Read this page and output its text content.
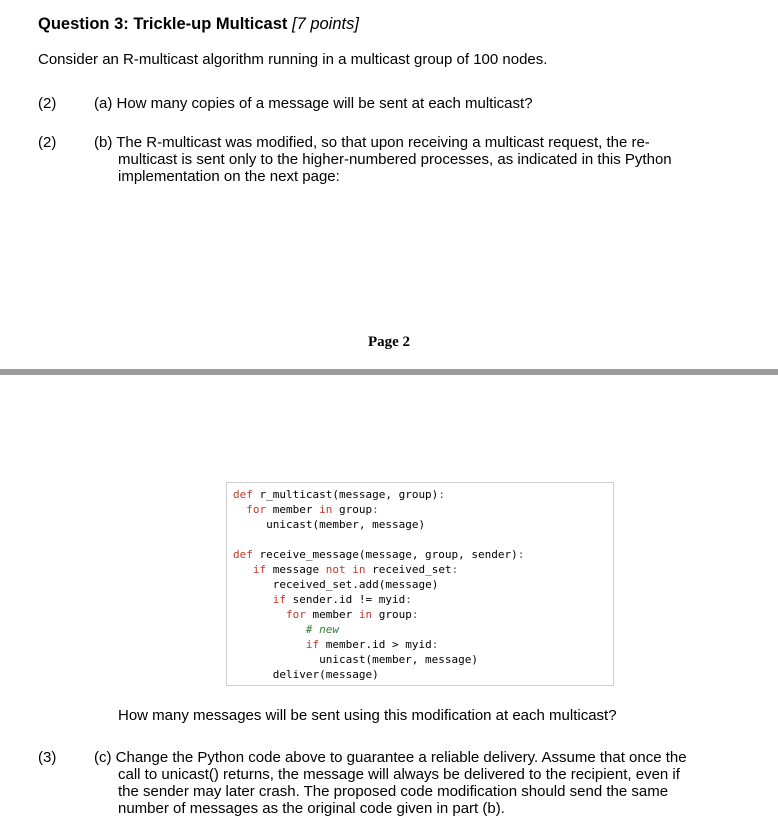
Question 3: Trickle-up Multicast [7 points]
Consider an R-multicast algorithm running in a multicast group of 100 nodes.
(2)	(a) How many copies of a message will be sent at each multicast?
(2)	(b) The R-multicast was modified, so that upon receiving a multicast request, the re-
multicast is sent only to the higher-numbered processes, as indicated in this Python
implementation on the next page:
Page 2
def r_multicast(message, group):
for member in group:
unicast(member, message)
def receive_message(message, group, sender):
if message not in received_set:
received_set.add(message)
if sender.id != myid:
for member in group:
# new
if member.id > myid:
unicast(member, message)
deliver(message)
How many messages will be sent using this modification at each multicast?
(3)	(c) Change the Python code above to guarantee a reliable delivery. Assume that once the
call to unicast() returns, the message will always be delivered to the recipient, even if
the sender may later crash. The proposed code modification should send the same
number of messages as the original code given in part (b).
